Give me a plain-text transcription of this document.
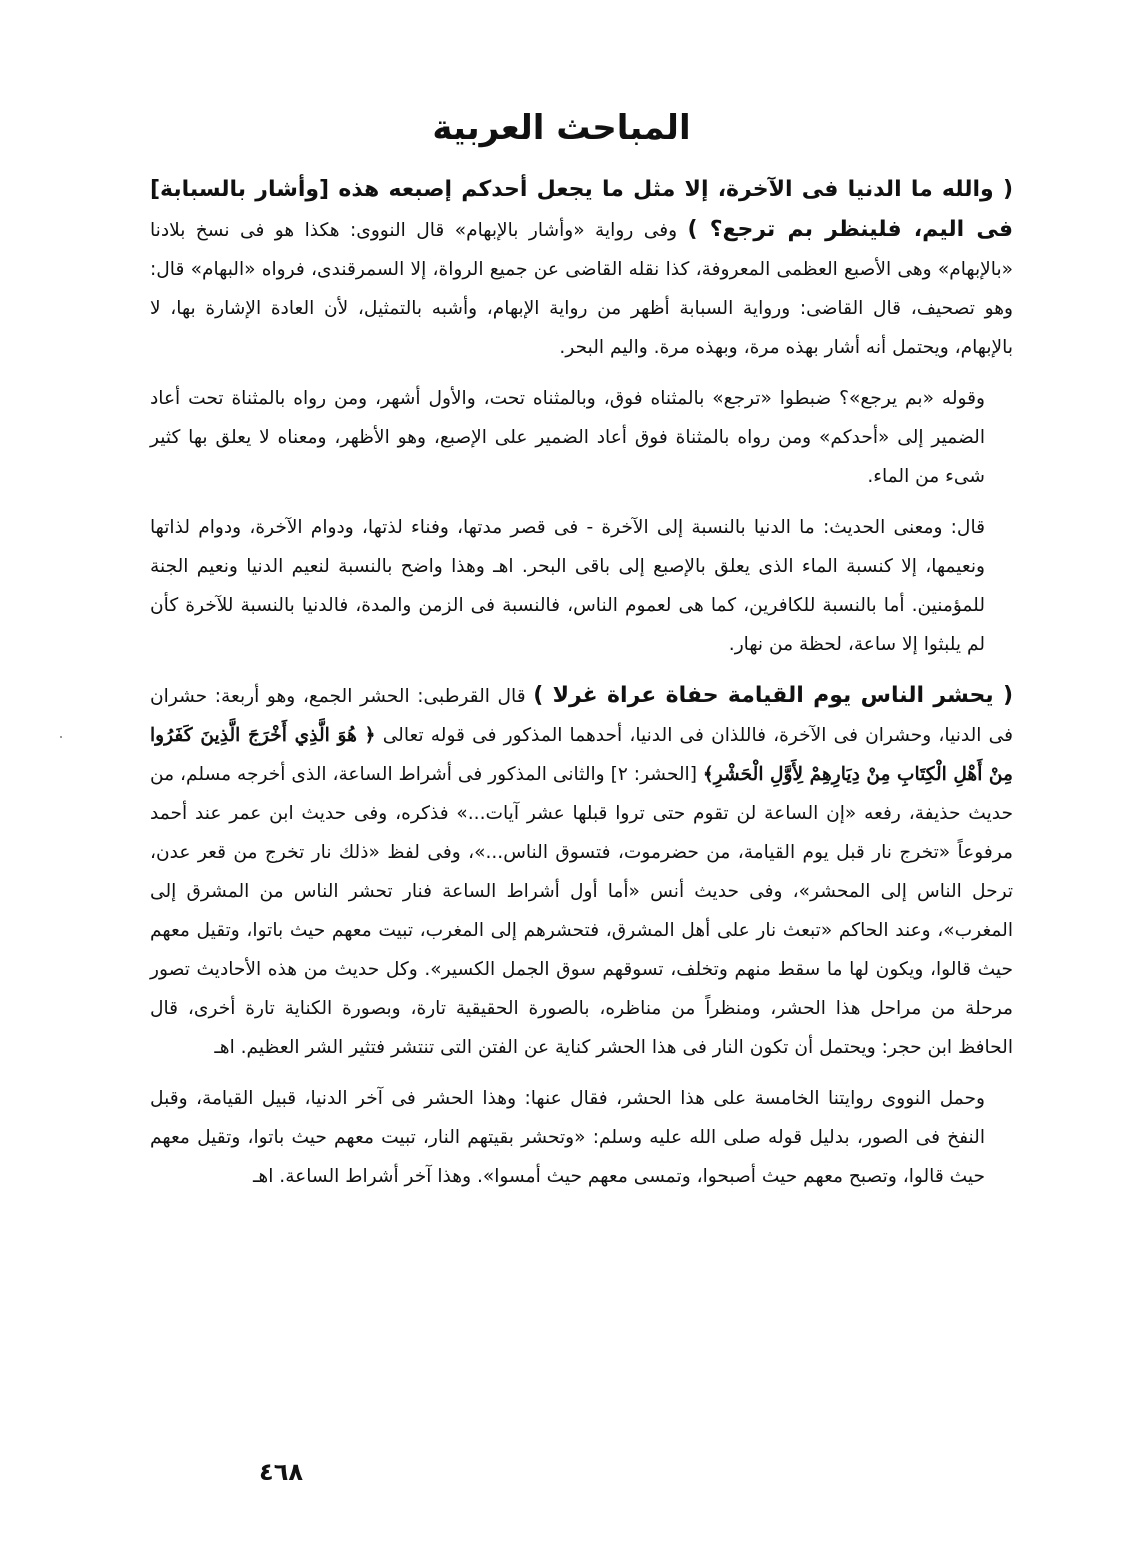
المباحث العربية

( والله ما الدنيا فى الآخرة، إلا مثل ما يجعل أحدكم إصبعه هذه [وأشار بالسبابة] فى اليم، فلينظر بم ترجع؟ ) وفى رواية «وأشار بالإبهام» قال النووى: هكذا هو فى نسخ بلادنا «بالإبهام» وهى الأصبع العظمى المعروفة، كذا نقله القاضى عن جميع الرواة، إلا السمرقندى، فرواه «البهام» قال: وهو تصحيف، قال القاضى: ورواية السبابة أظهر من رواية الإبهام، وأشبه بالتمثيل، لأن العادة الإشارة بها، لا بالإبهام، ويحتمل أنه أشار بهذه مرة، وبهذه مرة. واليم البحر.

وقوله «بم يرجع»؟ ضبطوا «ترجع» بالمثناه فوق، وبالمثناه تحت، والأول أشهر، ومن رواه بالمثناة تحت أعاد الضمير إلى «أحدكم» ومن رواه بالمثناة فوق أعاد الضمير على الإصبع، وهو الأظهر، ومعناه لا يعلق بها كثير شىء من الماء.

قال: ومعنى الحديث: ما الدنيا بالنسبة إلى الآخرة - فى قصر مدتها، وفناء لذتها، ودوام الآخرة، ودوام لذاتها ونعيمها، إلا كنسبة الماء الذى يعلق بالإصبع إلى باقى البحر. اهـ وهذا واضح بالنسبة لنعيم الدنيا ونعيم الجنة للمؤمنين. أما بالنسبة للكافرين، كما هى لعموم الناس، فالنسبة فى الزمن والمدة، فالدنيا بالنسبة للآخرة كأن لم يلبثوا إلا ساعة، لحظة من نهار.

( يحشر الناس يوم القيامة حفاة عراة غرلا ) قال القرطبى: الحشر الجمع، وهو أربعة: حشران فى الدنيا، وحشران فى الآخرة، فاللذان فى الدنيا، أحدهما المذكور فى قوله تعالى ﴿ هُوَ الَّذِي أَخْرَجَ الَّذِينَ كَفَرُوا مِنْ أَهْلِ الْكِتَابِ مِنْ دِيَارِهِمْ لِأَوَّلِ الْحَشْرِ﴾ [الحشر: ٢] والثانى المذكور فى أشراط الساعة، الذى أخرجه مسلم، من حديث حذيفة، رفعه «إن الساعة لن تقوم حتى تروا قبلها عشر آيات...» فذكره، وفى حديث ابن عمر عند أحمد مرفوعاً «تخرج نار قبل يوم القيامة، من حضرموت، فتسوق الناس...»، وفى لفظ «ذلك نار تخرج من قعر عدن، ترحل الناس إلى المحشر»، وفى حديث أنس «أما أول أشراط الساعة فنار تحشر الناس من المشرق إلى المغرب»، وعند الحاكم «تبعث نار على أهل المشرق، فتحشرهم إلى المغرب، تبيت معهم حيث باتوا، وتقيل معهم حيث قالوا، ويكون لها ما سقط منهم وتخلف، تسوقهم سوق الجمل الكسير». وكل حديث من هذه الأحاديث تصور مرحلة من مراحل هذا الحشر، ومنظراً من مناظره، بالصورة الحقيقية تارة، وبصورة الكناية تارة أخرى، قال الحافظ ابن حجر: ويحتمل أن تكون النار فى هذا الحشر كناية عن الفتن التى تنتشر فتثير الشر العظيم. اهـ

وحمل النووى روايتنا الخامسة على هذا الحشر، فقال عنها: وهذا الحشر فى آخر الدنيا، قبيل القيامة، وقبل النفخ فى الصور، بدليل قوله صلى الله عليه وسلم: «وتحشر بقيتهم النار، تبيت معهم حيث باتوا، وتقيل معهم حيث قالوا، وتصبح معهم حيث أصبحوا، وتمسى معهم حيث أمسوا». وهذا آخر أشراط الساعة. اهـ

٤٦٨
